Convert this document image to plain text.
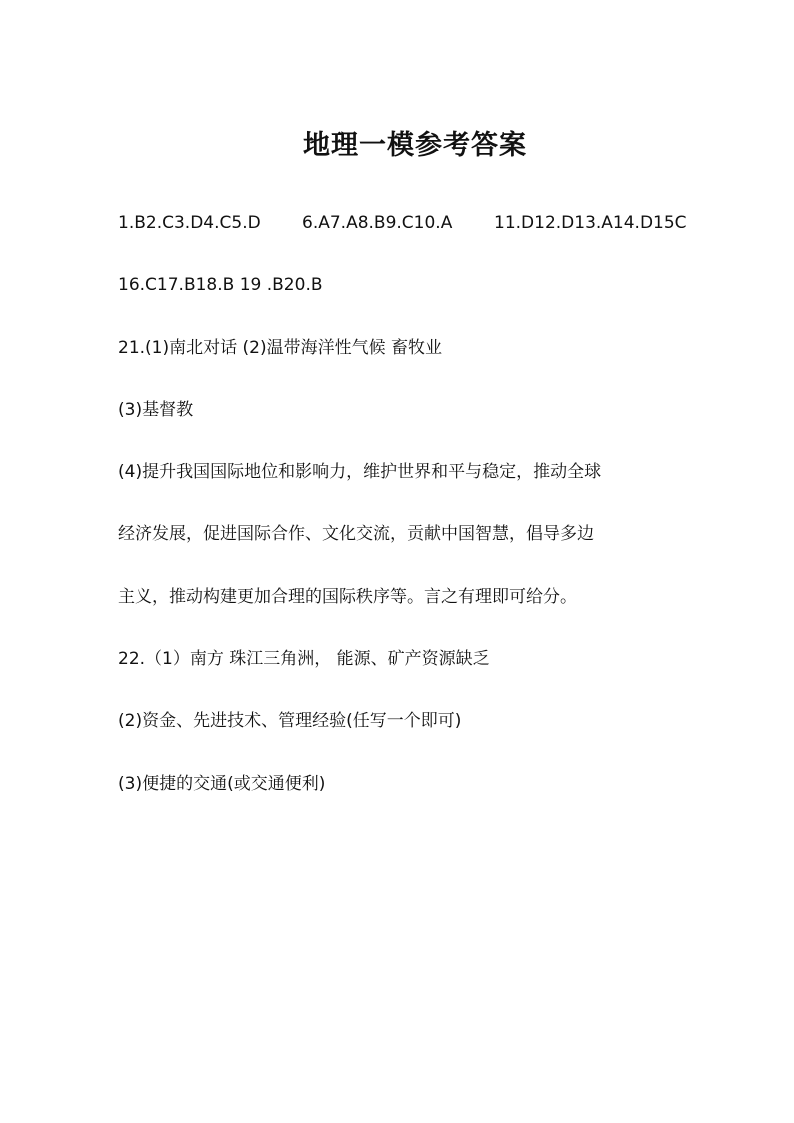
地理一模参考答案
1.B2.C3.D4.C5.D 6.A7.A8.B9.C10.A 11.D12.D13.A14.D15C

16.C17.B18.B 19 .B20.B

21.(1)南北对话 (2)温带海洋性气候 畜牧业

(3)基督教

(4)提升我国国际地位和影响力，维护世界和平与稳定，推动全球

经济发展，促进国际合作、文化交流，贡献中国智慧，倡导多边

主义，推动构建更加合理的国际秩序等。言之有理即可给分。

22.（1）南方 珠江三角洲， 能源、矿产资源缺乏

(2)资金、先进技术、管理经验(任写一个即可)

(3)便捷的交通(或交通便利)
